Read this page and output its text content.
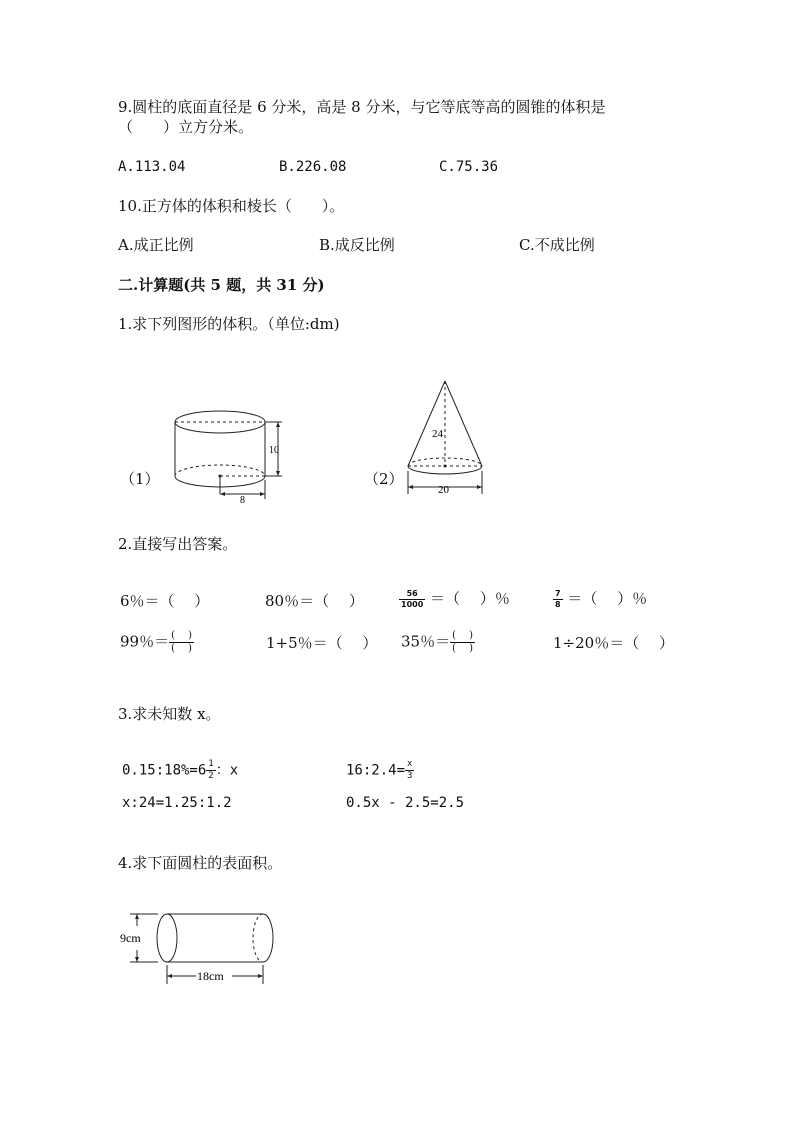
9.圆柱的底面直径是 6 分米，高是 8 分米，与它等底等高的圆锥的体积是
（　　）立方分米。
A.113.04	B.226.08	C.75.36
10.正方体的体积和棱长（　　）。
A.成正比例	B.成反比例	C.不成比例
二.计算题(共 5 题，共 31 分)
1.求下列图形的体积。（单位:dm)
（1）	（2）
10
8
24
20
2.直接写出答案。
6％＝（　 ）	80％＝（　 ）	$\frac{56}{1000}$ ＝（　 ）％	$\frac{7}{8}$ ＝（　 ）％
99％＝ $\frac{( )}{( )}$	1+5％＝（　 ） 35％＝ $\frac{( )}{( )}$	1÷20％＝（　 ）
3.求未知数 x。
0.15:18%=6 $\frac{1}{2}$ ：x	16:2.4= $\frac{x}{3}$
x:24=1.25:1.2	0.5x - 2.5=2.5
4.求下面圆柱的表面积。
9cm
18cm
